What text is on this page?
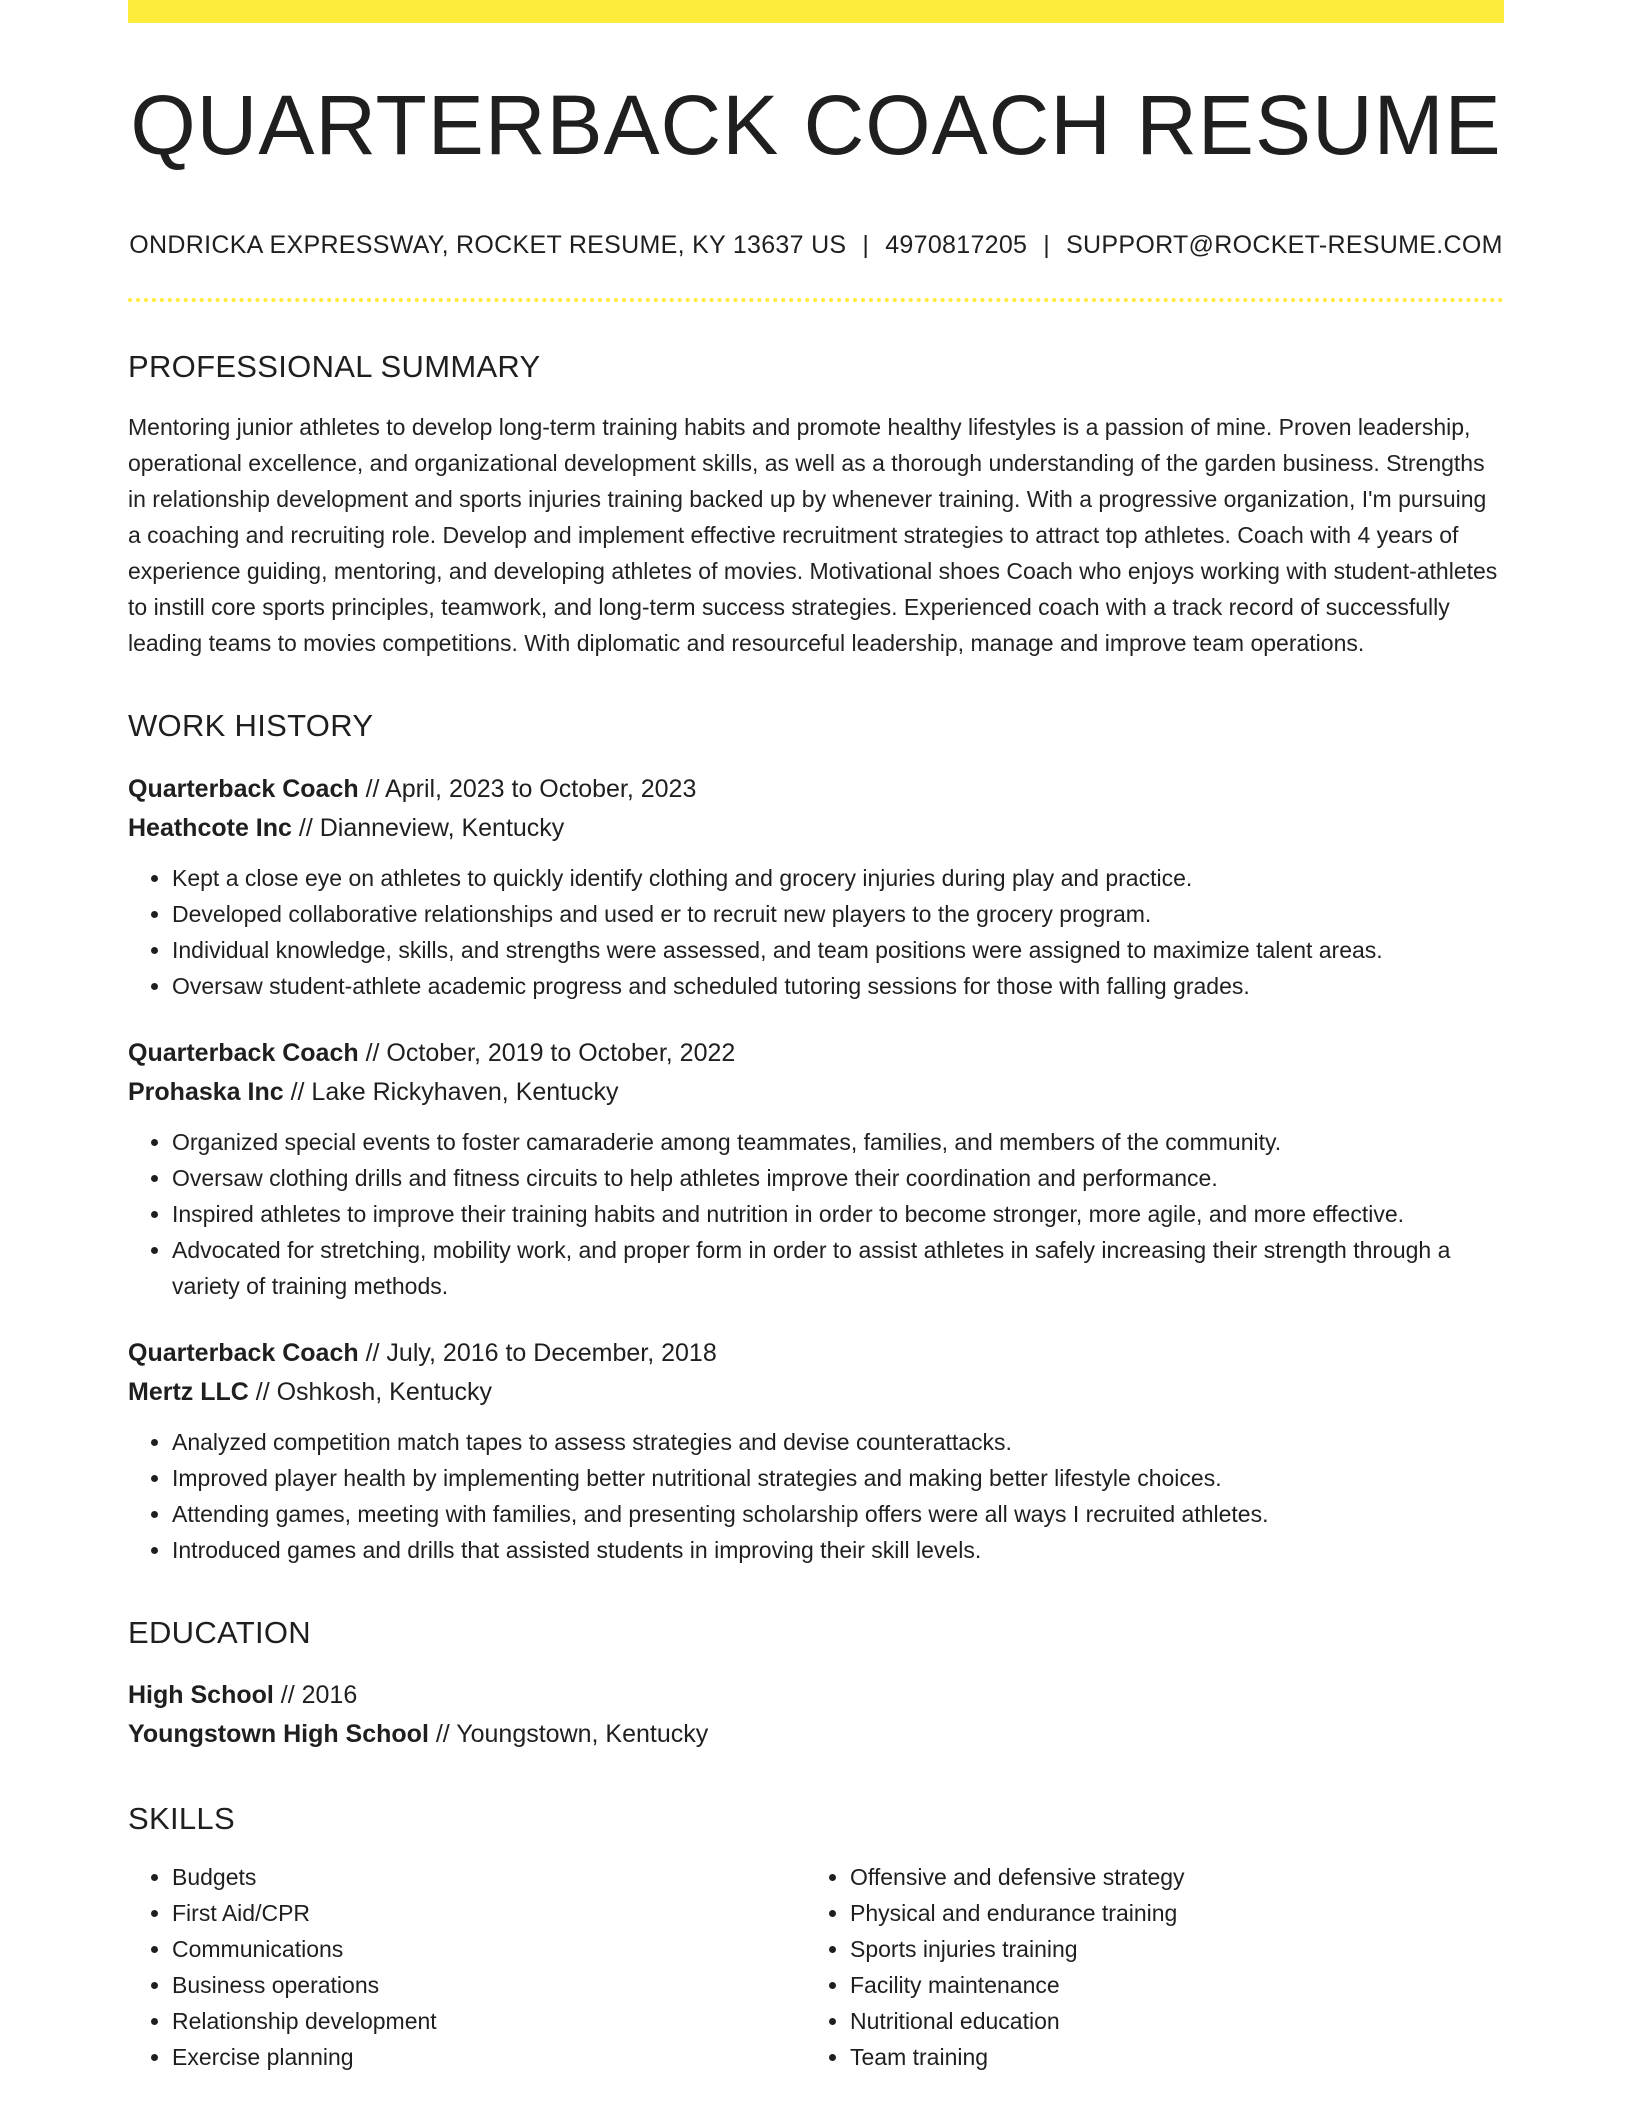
QUARTERBACK COACH RESUME
ONDRICKA EXPRESSWAY, ROCKET RESUME, KY 13637 US | 4970817205 | SUPPORT@ROCKET-RESUME.COM
PROFESSIONAL SUMMARY
Mentoring junior athletes to develop long-term training habits and promote healthy lifestyles is a passion of mine. Proven leadership, operational excellence, and organizational development skills, as well as a thorough understanding of the garden business. Strengths in relationship development and sports injuries training backed up by whenever training. With a progressive organization, I'm pursuing a coaching and recruiting role. Develop and implement effective recruitment strategies to attract top athletes. Coach with 4 years of experience guiding, mentoring, and developing athletes of movies. Motivational shoes Coach who enjoys working with student-athletes to instill core sports principles, teamwork, and long-term success strategies. Experienced coach with a track record of successfully leading teams to movies competitions. With diplomatic and resourceful leadership, manage and improve team operations.
WORK HISTORY
Quarterback Coach // April, 2023 to October, 2023
Heathcote Inc // Dianneview, Kentucky
• Kept a close eye on athletes to quickly identify clothing and grocery injuries during play and practice.
• Developed collaborative relationships and used er to recruit new players to the grocery program.
• Individual knowledge, skills, and strengths were assessed, and team positions were assigned to maximize talent areas.
• Oversaw student-athlete academic progress and scheduled tutoring sessions for those with falling grades.
Quarterback Coach // October, 2019 to October, 2022
Prohaska Inc // Lake Rickyhaven, Kentucky
• Organized special events to foster camaraderie among teammates, families, and members of the community.
• Oversaw clothing drills and fitness circuits to help athletes improve their coordination and performance.
• Inspired athletes to improve their training habits and nutrition in order to become stronger, more agile, and more effective.
• Advocated for stretching, mobility work, and proper form in order to assist athletes in safely increasing their strength through a variety of training methods.
Quarterback Coach // July, 2016 to December, 2018
Mertz LLC // Oshkosh, Kentucky
• Analyzed competition match tapes to assess strategies and devise counterattacks.
• Improved player health by implementing better nutritional strategies and making better lifestyle choices.
• Attending games, meeting with families, and presenting scholarship offers were all ways I recruited athletes.
• Introduced games and drills that assisted students in improving their skill levels.
EDUCATION
High School // 2016
Youngstown High School // Youngstown, Kentucky
SKILLS
• Budgets
• First Aid/CPR
• Communications
• Business operations
• Relationship development
• Exercise planning
• Offensive and defensive strategy
• Physical and endurance training
• Sports injuries training
• Facility maintenance
• Nutritional education
• Team training
